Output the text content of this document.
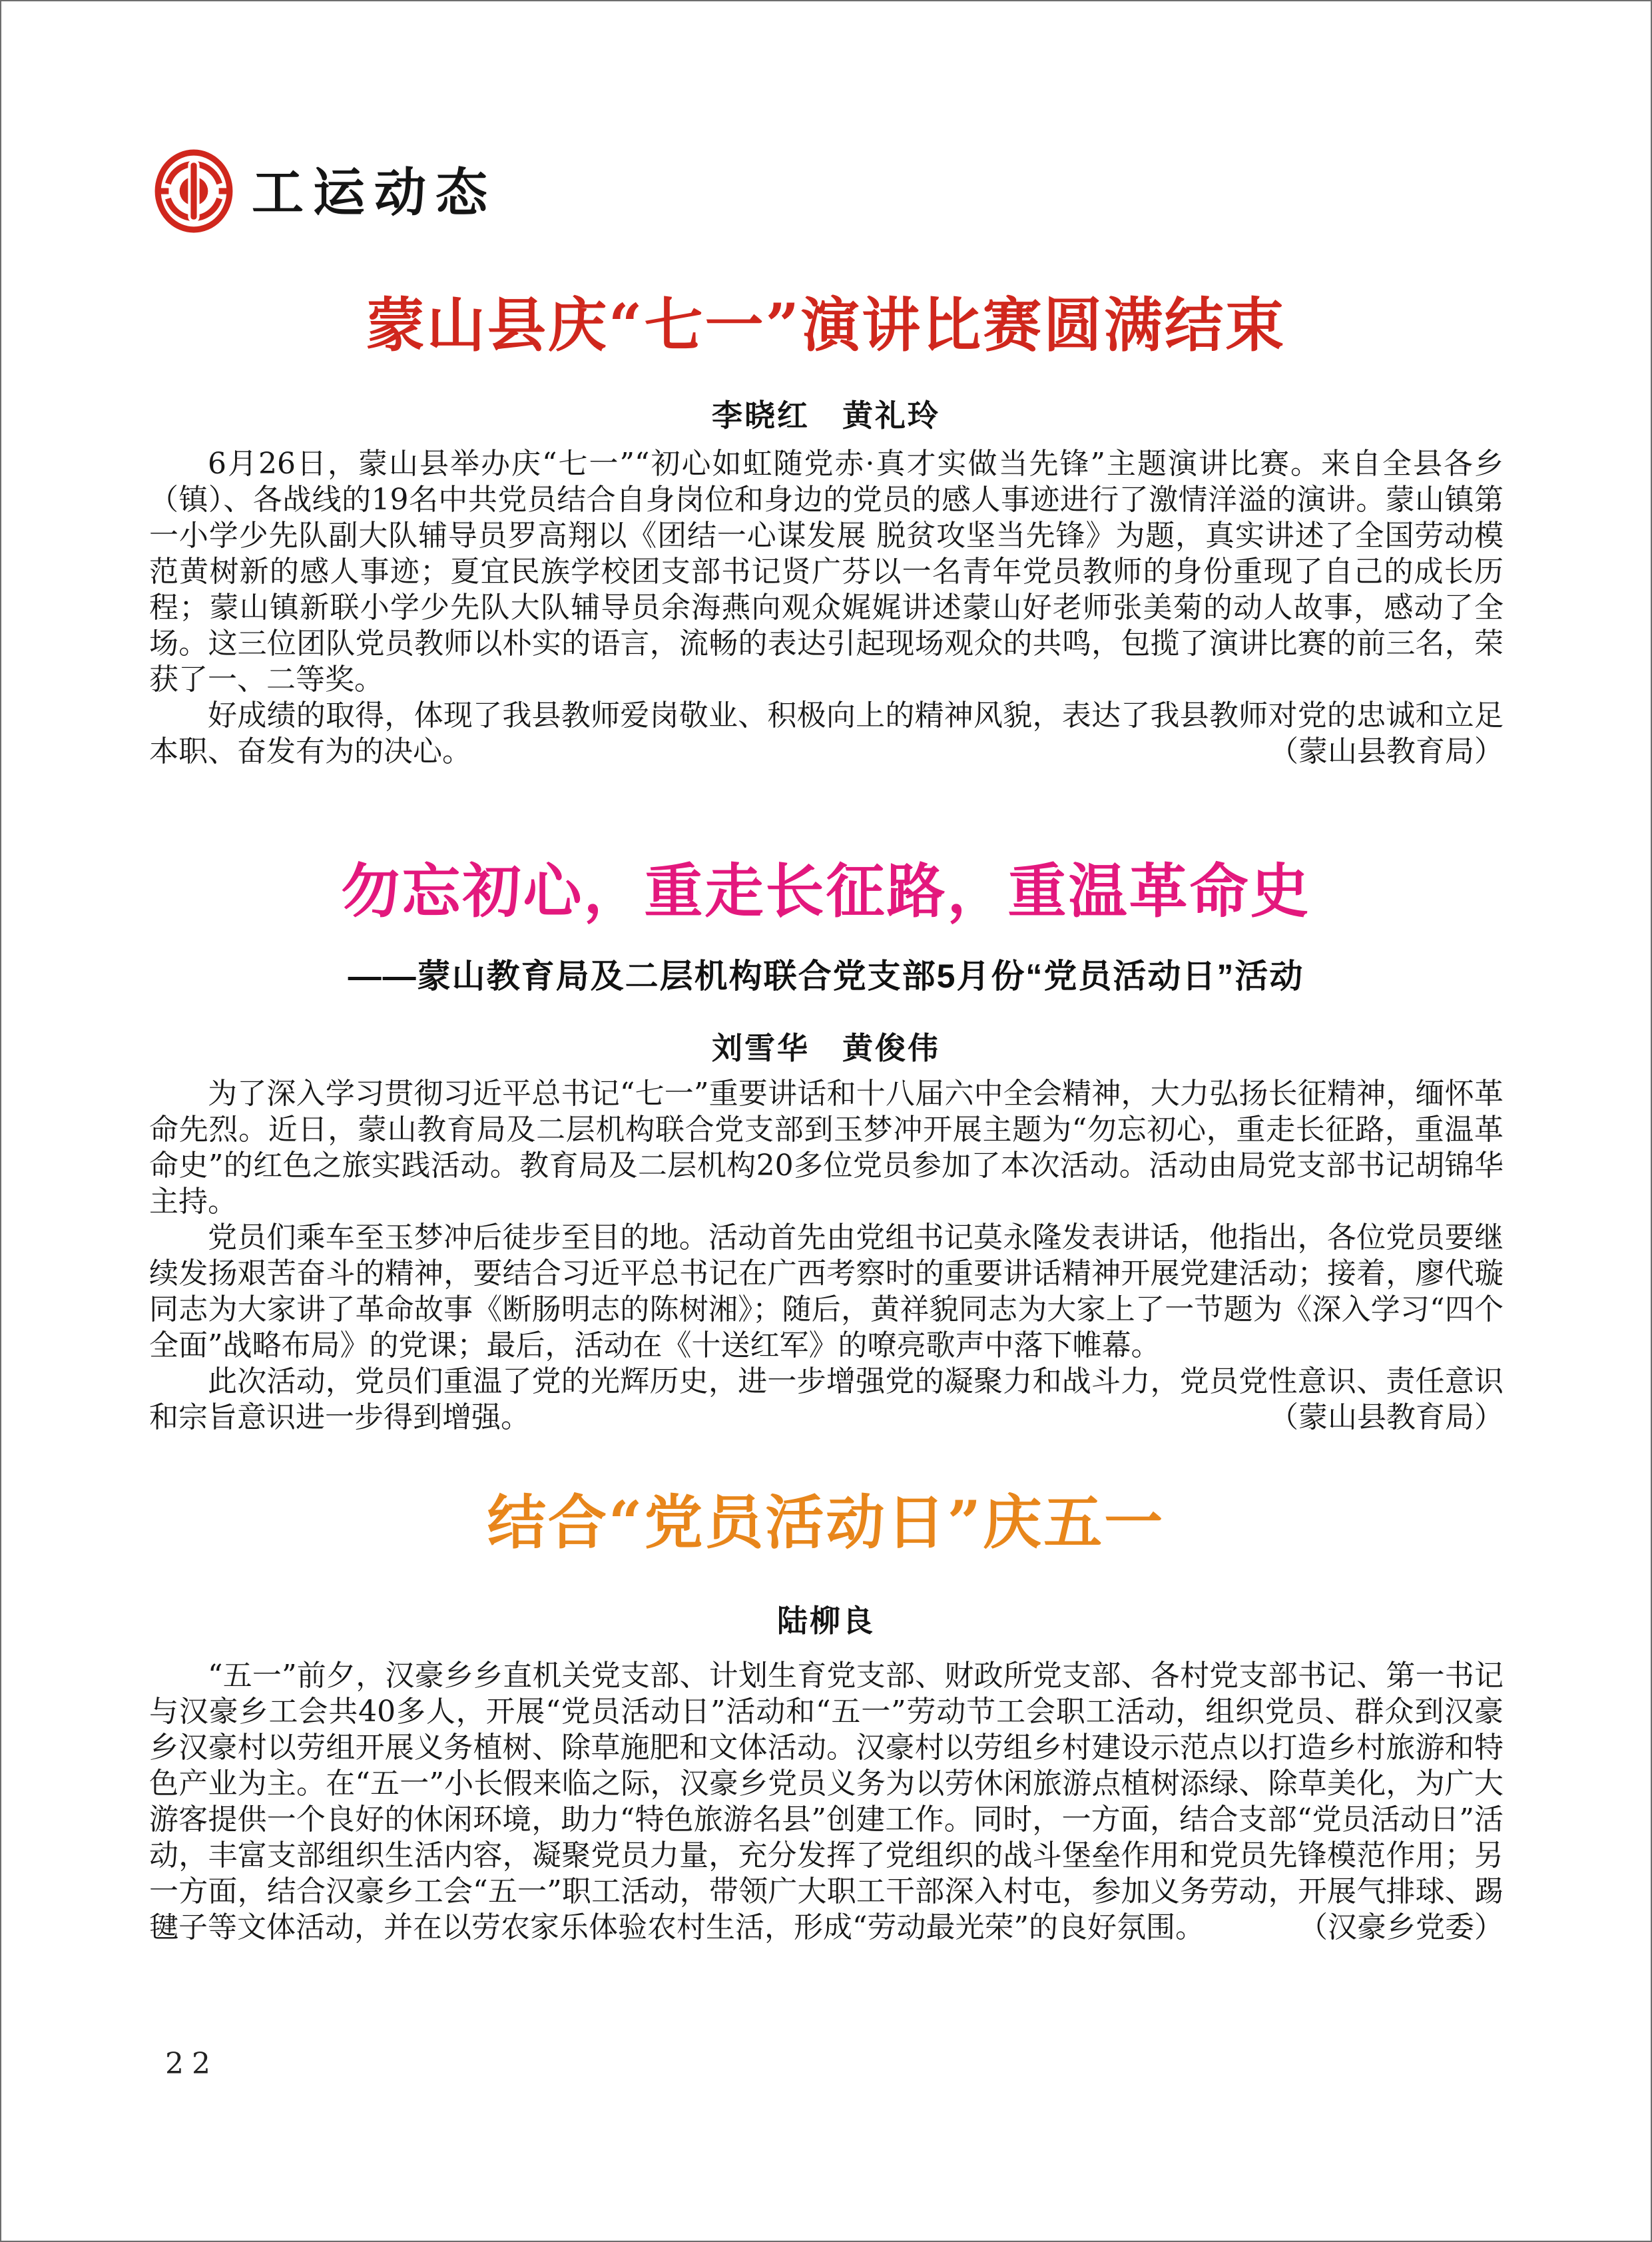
工运动态
蒙山县庆“七一”演讲比赛圆满结束
李晓红　黄礼玲

6月26日，蒙山县举办庆“七一”“初心如虹随党赤·真才实做当先锋”主题演讲比赛。来自全县各乡（镇）、各战线的19名中共党员结合自身岗位和身边的党员的感人事迹进行了激情洋溢的演讲。蒙山镇第一小学少先队副大队辅导员罗高翔以《团结一心谋发展 脱贫攻坚当先锋》为题，真实讲述了全国劳动模范黄树新的感人事迹；夏宜民族学校团支部书记贤广芬以一名青年党员教师的身份重现了自己的成长历程；蒙山镇新联小学少先队大队辅导员余海燕向观众娓娓讲述蒙山好老师张美菊的动人故事，感动了全场。这三位团队党员教师以朴实的语言，流畅的表达引起现场观众的共鸣，包揽了演讲比赛的前三名，荣获了一、二等奖。

好成绩的取得，体现了我县教师爱岗敬业、积极向上的精神风貌，表达了我县教师对党的忠诚和立足本职、奋发有为的决心。	（蒙山县教育局）

勿忘初心，重走长征路，重温革命史
——蒙山教育局及二层机构联合党支部5月份“党员活动日”活动
刘雪华　黄俊伟

为了深入学习贯彻习近平总书记“七一”重要讲话和十八届六中全会精神，大力弘扬长征精神，缅怀革命先烈。近日，蒙山教育局及二层机构联合党支部到玉梦冲开展主题为“勿忘初心，重走长征路，重温革命史”的红色之旅实践活动。教育局及二层机构20多位党员参加了本次活动。活动由局党支部书记胡锦华主持。

党员们乘车至玉梦冲后徒步至目的地。活动首先由党组书记莫永隆发表讲话，他指出，各位党员要继续发扬艰苦奋斗的精神，要结合习近平总书记在广西考察时的重要讲话精神开展党建活动；接着，廖代璇同志为大家讲了革命故事《断肠明志的陈树湘》；随后，黄祥貌同志为大家上了一节题为《深入学习“四个全面”战略布局》的党课；最后，活动在《十送红军》的嘹亮歌声中落下帷幕。

此次活动，党员们重温了党的光辉历史，进一步增强党的凝聚力和战斗力，党员党性意识、责任意识和宗旨意识进一步得到增强。	（蒙山县教育局）

结合“党员活动日”庆五一
陆柳良

“五一”前夕，汉豪乡乡直机关党支部、计划生育党支部、财政所党支部、各村党支部书记、第一书记与汉豪乡工会共40多人，开展“党员活动日”活动和“五一”劳动节工会职工活动，组织党员、群众到汉豪乡汉豪村以劳组开展义务植树、除草施肥和文体活动。汉豪村以劳组乡村建设示范点以打造乡村旅游和特色产业为主。在“五一”小长假来临之际，汉豪乡党员义务为以劳休闲旅游点植树添绿、除草美化，为广大游客提供一个良好的休闲环境，助力“特色旅游名县”创建工作。同时，一方面，结合支部“党员活动日”活动，丰富支部组织生活内容，凝聚党员力量，充分发挥了党组织的战斗堡垒作用和党员先锋模范作用；另一方面，结合汉豪乡工会“五一”职工活动，带领广大职工干部深入村屯，参加义务劳动，开展气排球、踢毽子等文体活动，并在以劳农家乐体验农村生活，形成“劳动最光荣”的良好氛围。	（汉豪乡党委）

22
